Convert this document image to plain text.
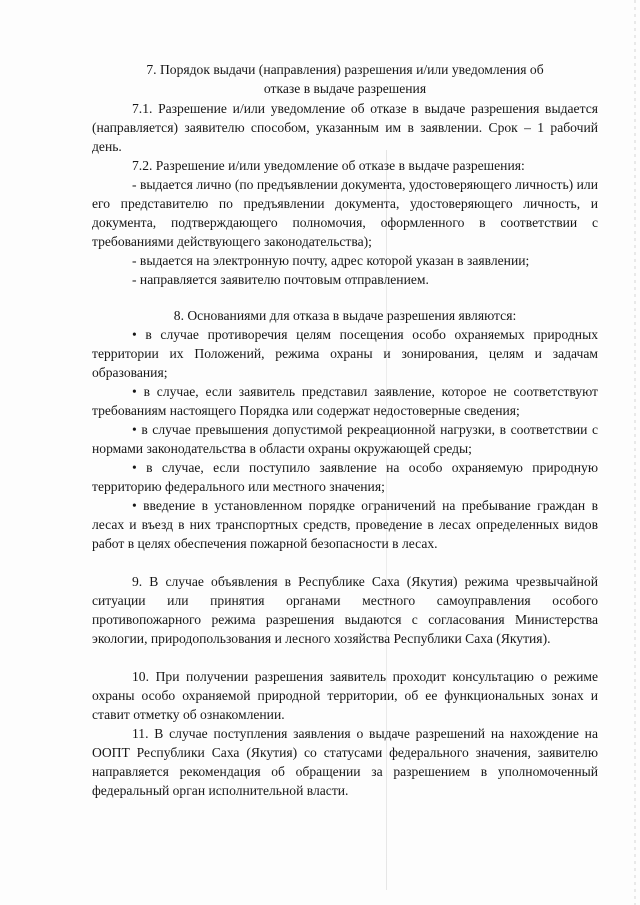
7. Порядок выдачи (направления) разрешения и/или уведомления об
отказе в выдаче разрешения

7.1. Разрешение и/или уведомление об отказе в выдаче разрешения выдается (направляется) заявителю способом, указанным им в заявлении. Срок – 1 рабочий день.

7.2. Разрешение и/или уведомление об отказе в выдаче разрешения:

- выдается лично (по предъявлении документа, удостоверяющего личность) или его представителю по предъявлении документа, удостоверяющего личность, и документа, подтверждающего полномочия, оформленного в соответствии с требованиями действующего законодательства);

- выдается на электронную почту, адрес которой указан в заявлении;

- направляется заявителю почтовым отправлением.

8. Основаниями для отказа в выдаче разрешения являются:

• в случае противоречия целям посещения особо охраняемых природных территории их Положений, режима охраны и зонирования, целям и задачам образования;

• в случае, если заявитель представил заявление, которое не соответствуют требованиям настоящего Порядка или содержат недостоверные сведения;

• в случае превышения допустимой рекреационной нагрузки, в соответствии с нормами законодательства в области охраны окружающей среды;

• в случае, если поступило заявление на особо охраняемую природную территорию федерального или местного значения;

• введение в установленном порядке ограничений на пребывание граждан в лесах и въезд в них транспортных средств, проведение в лесах определенных видов работ в целях обеспечения пожарной безопасности в лесах.

9. В случае объявления в Республике Саха (Якутия) режима чрезвычайной ситуации или принятия органами местного самоуправления особого противопожарного режима разрешения выдаются с согласования Министерства экологии, природопользования и лесного хозяйства Республики Саха (Якутия).

10. При получении разрешения заявитель проходит консультацию о режиме охраны особо охраняемой природной территории, об ее функциональных зонах и ставит отметку об ознакомлении.

11. В случае поступления заявления о выдаче разрешений на нахождение на ООПТ Республики Саха (Якутия) со статусами федерального значения, заявителю направляется рекомендация об обращении за разрешением в уполномоченный федеральный орган исполнительной власти.
